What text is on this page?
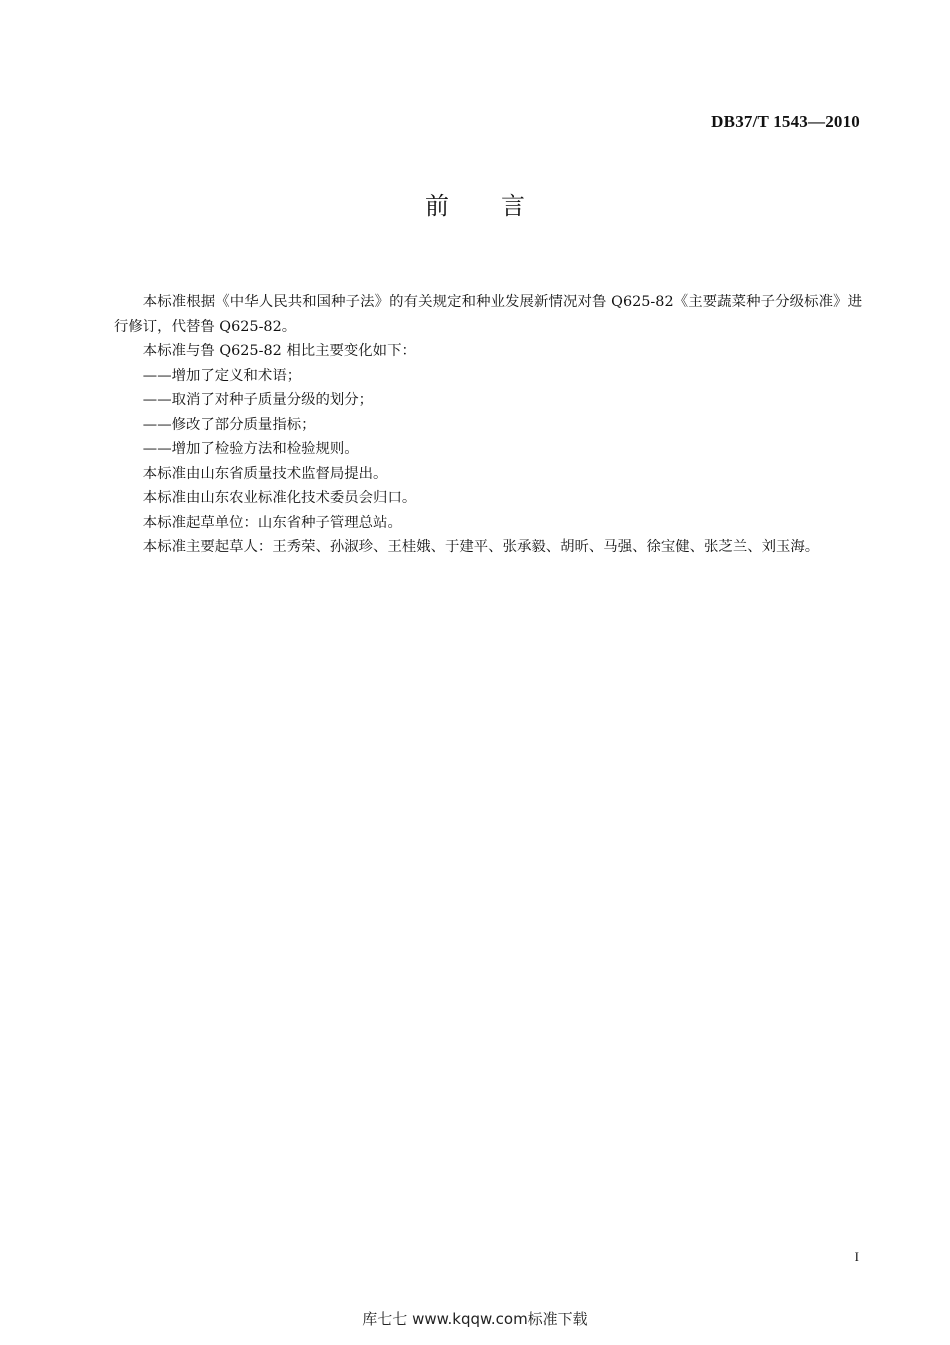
DB37/T 1543—2010
前言

本标准根据《中华人民共和国种子法》的有关规定和种业发展新情况对鲁 Q625-82《主要蔬菜种子分级标准》进行修订，代替鲁 Q625-82。

本标准与鲁 Q625-82 相比主要变化如下：

——增加了定义和术语；

——取消了对种子质量分级的划分；

——修改了部分质量指标；

——增加了检验方法和检验规则。

本标准由山东省质量技术监督局提出。

本标准由山东农业标准化技术委员会归口。

本标准起草单位：山东省种子管理总站。

本标准主要起草人：王秀荣、孙淑珍、王桂娥、于建平、张承毅、胡昕、马强、徐宝健、张芝兰、刘玉海。

I
库七七 www.kqqw.com标准下载
